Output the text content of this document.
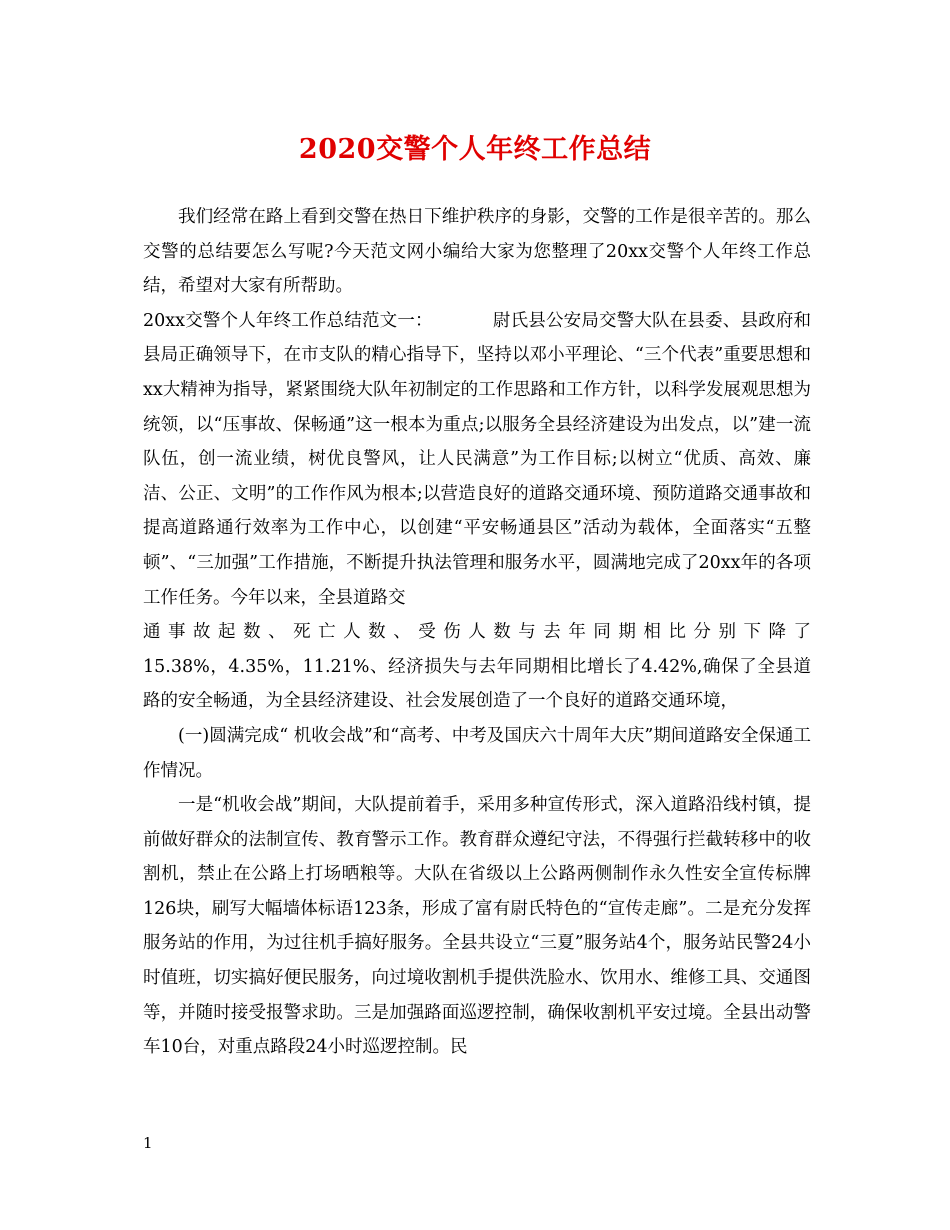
2020交警个人年终工作总结

我们经常在路上看到交警在热日下维护秩序的身影，交警的工作是很辛苦的。那么交警的总结要怎么写呢?今天范文网小编给大家为您整理了20xx交警个人年终工作总结，希望对大家有所帮助。

20xx交警个人年终工作总结范文一：	尉氏县公安局交警大队在县委、县政府和县局正确领导下，在市支队的精心指导下，坚持以邓小平理论、“三个代表”重要思想和xx大精神为指导，紧紧围绕大队年初制定的工作思路和工作方针，以科学发展观思想为统领，以“压事故、保畅通”这一根本为重点;以服务全县经济建设为出发点，以”建一流队伍，创一流业绩，树优良警风，让人民满意”为工作目标;以树立“优质、高效、廉洁、公正、文明”的工作作风为根本;以营造良好的道路交通环境、预防道路交通事故和提高道路通行效率为工作中心，以创建“平安畅通县区”活动为载体，全面落实“五整顿”、“三加强”工作措施，不断提升执法管理和服务水平，圆满地完成了20xx年的各项工作任务。今年以来，全县道路交

通事故起数、死亡人数、受伤人数与去年同期相比分别下降了

15.38%，4.35%，11.21%、经济损失与去年同期相比增长了4.42%,确保了全县道路的安全畅通，为全县经济建设、社会发展创造了一个良好的道路交通环境，

(一)圆满完成“ 机收会战”和“高考、中考及国庆六十周年大庆”期间道路安全保通工作情况。

一是“机收会战”期间，大队提前着手，采用多种宣传形式，深入道路沿线村镇，提前做好群众的法制宣传、教育警示工作。教育群众遵纪守法，不得强行拦截转移中的收割机，禁止在公路上打场晒粮等。大队在省级以上公路两侧制作永久性安全宣传标牌126块，刷写大幅墙体标语123条，形成了富有尉氏特色的“宣传走廊”。二是充分发挥服务站的作用，为过往机手搞好服务。全县共设立“三夏”服务站4个，服务站民警24小时值班，切实搞好便民服务，向过境收割机手提供洗脸水、饮用水、维修工具、交通图等，并随时接受报警求助。三是加强路面巡逻控制，确保收割机平安过境。全县出动警车10台，对重点路段24小时巡逻控制。民

1
